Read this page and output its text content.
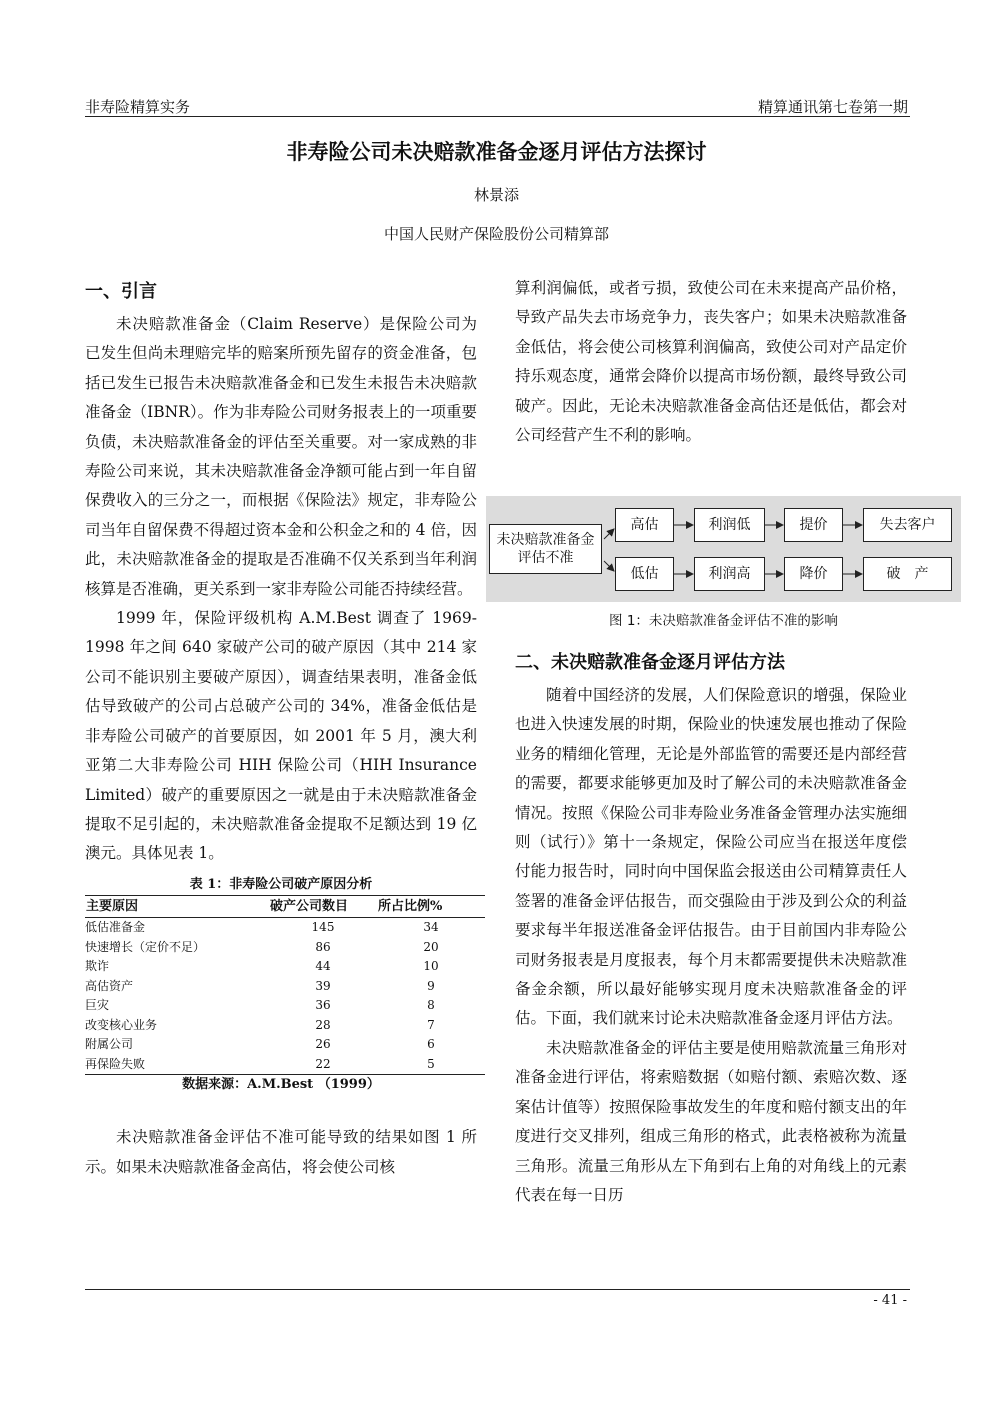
非寿险精算实务	精算通讯第七卷第一期
非寿险公司未决赔款准备金逐月评估方法探讨
林景添
中国人民财产保险股份公司精算部
一、引言

未决赔款准备金（Claim Reserve）是保险公司为已发生但尚未理赔完毕的赔案所预先留存的资金准备，包括已发生已报告未决赔款准备金和已发生未报告未决赔款准备金（IBNR）。作为非寿险公司财务报表上的一项重要负债，未决赔款准备金的评估至关重要。对一家成熟的非寿险公司来说，其未决赔款准备金净额可能占到一年自留保费收入的三分之一，而根据《保险法》规定，非寿险公司当年自留保费不得超过资本金和公积金之和的 4 倍，因此，未决赔款准备金的提取是否准确不仅关系到当年利润核算是否准确，更关系到一家非寿险公司能否持续经营。

1999 年，保险评级机构 A.M.Best 调查了 1969-1998 年之间 640 家破产公司的破产原因（其中 214 家公司不能识别主要破产原因），调查结果表明，准备金低估导致破产的公司占总破产公司的 34%，准备金低估是非寿险公司破产的首要原因，如 2001 年 5 月，澳大利亚第二大非寿险公司 HIH 保险公司（HIH Insurance Limited）破产的重要原因之一就是由于未决赔款准备金提取不足引起的，未决赔款准备金提取不足额达到 19 亿澳元。具体见表 1。

表 1：非寿险公司破产原因分析
主要原因	破产公司数目	所占比例%
低估准备金	145	34
快速增长（定价不足）	86	20
欺诈	44	10
高估资产	39	9
巨灾	36	8
改变核心业务	28	7
附属公司	26	6
再保险失败	22	5
数据来源：A.M.Best （1999）

未决赔款准备金评估不准可能导致的结果如图 1 所示。如果未决赔款准备金高估，将会使公司核

算利润偏低，或者亏损，致使公司在未来提高产品价格，导致产品失去市场竞争力，丧失客户；如果未决赔款准备金低估，将会使公司核算利润偏高，致使公司对产品定价持乐观态度，通常会降价以提高市场份额，最终导致公司破产。因此，无论未决赔款准备金高估还是低估，都会对公司经营产生不利的影响。

未决赔款准备金评估不准
高估	利润低	提价	失去客户
低估	利润高	降价	破　产
图 1：未决赔款准备金评估不准的影响
二、未决赔款准备金逐月评估方法

随着中国经济的发展，人们保险意识的增强，保险业也进入快速发展的时期，保险业的快速发展也推动了保险业务的精细化管理，无论是外部监管的需要还是内部经营的需要，都要求能够更加及时了解公司的未决赔款准备金情况。按照《保险公司非寿险业务准备金管理办法实施细则（试行）》第十一条规定，保险公司应当在报送年度偿付能力报告时，同时向中国保监会报送由公司精算责任人签署的准备金评估报告，而交强险由于涉及到公众的利益要求每半年报送准备金评估报告。由于目前国内非寿险公司财务报表是月度报表，每个月末都需要提供未决赔款准备金余额，所以最好能够实现月度未决赔款准备金的评估。下面，我们就来讨论未决赔款准备金逐月评估方法。

未决赔款准备金的评估主要是使用赔款流量三角形对准备金进行评估，将索赔数据（如赔付额、索赔次数、逐案估计值等）按照保险事故发生的年度和赔付额支出的年度进行交叉排列，组成三角形的格式，此表格被称为流量三角形。流量三角形从左下角到右上角的对角线上的元素代表在每一日历

- 41 -
